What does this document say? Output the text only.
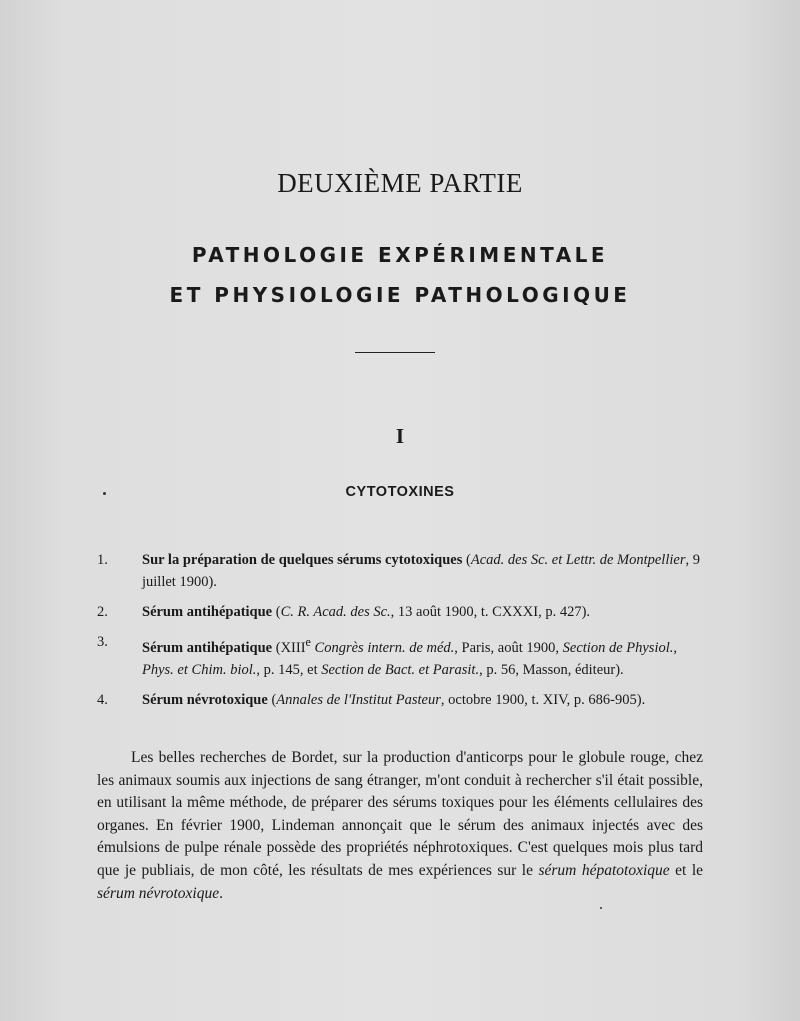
DEUXIÈME PARTIE
PATHOLOGIE EXPÉRIMENTALE
ET PHYSIOLOGIE PATHOLOGIQUE
I
CYTOTOXINES
1. Sur la préparation de quelques sérums cytotoxiques (Acad. des Sc. et Lettr. de Montpellier, 9 juillet 1900).
2. Sérum antihépatique (C. R. Acad. des Sc., 13 août 1900, t. CXXXI, p. 427).
3. Sérum antihépatique (XIIIe Congrès intern. de méd., Paris, août 1900, Section de Physiol., Phys. et Chim. biol., p. 145, et Section de Bact. et Parasit., p. 56, Masson, éditeur).
4. Sérum névrotoxique (Annales de l'Institut Pasteur, octobre 1900, t. XIV, p. 686-905).
Les belles recherches de Bordet, sur la production d'anticorps pour le globule rouge, chez les animaux soumis aux injections de sang étranger, m'ont conduit à rechercher s'il était possible, en utilisant la même méthode, de préparer des sérums toxiques pour les éléments cellulaires des organes. En février 1900, Lindeman annonçait que le sérum des animaux injectés avec des émulsions de pulpe rénale possède des propriétés néphrotoxiques. C'est quelques mois plus tard que je publiais, de mon côté, les résultats de mes expériences sur le sérum hépatotoxique et le sérum névrotoxique.
